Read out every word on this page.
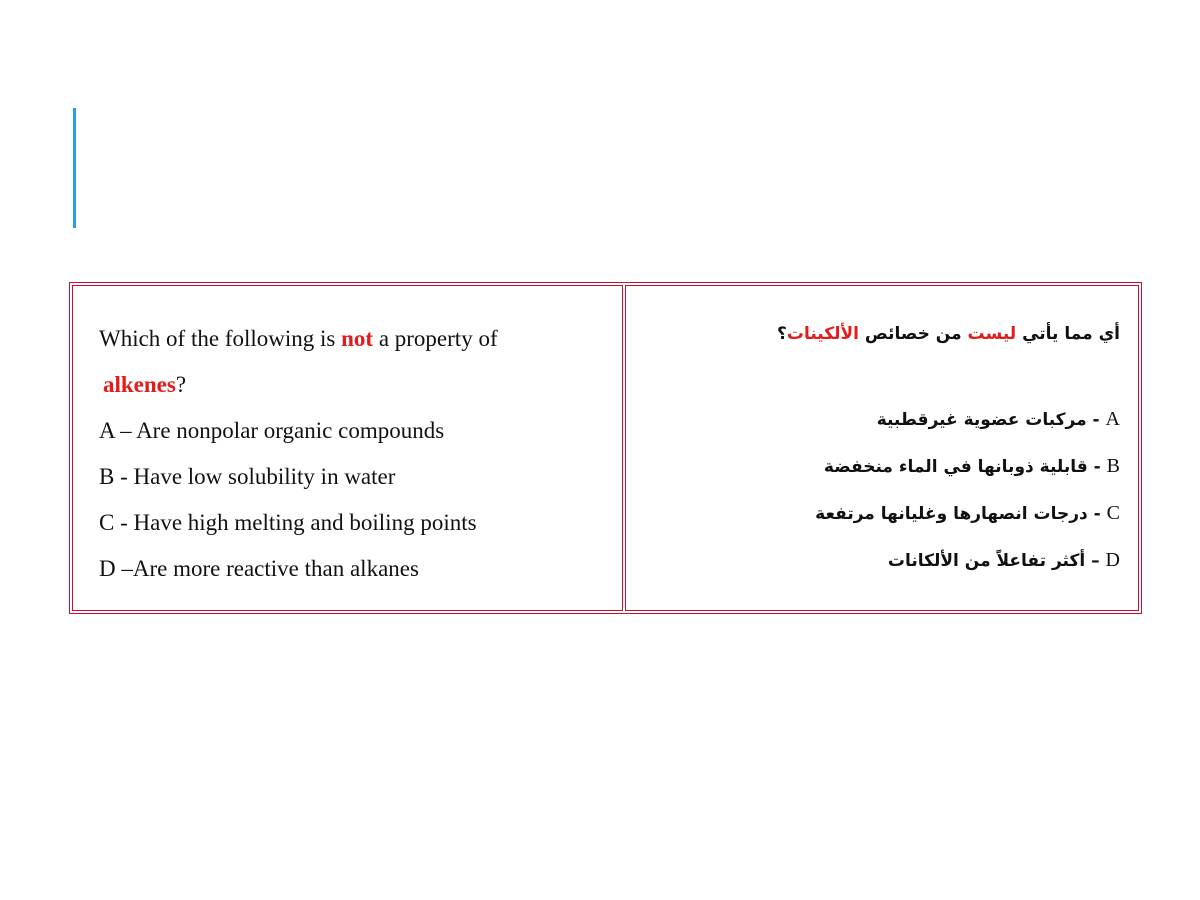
Which of the following is not a property of
alkenes?
A – Are nonpolar organic compounds
B - Have low solubility in water
C - Have high melting and boiling points
D –Are more reactive than alkanes
أي مما يأتي ليست من خصائص الألكينات؟
A - مركبات عضوية غيرقطبية
B - قابلية ذوبانها في الماء منخفضة
C - درجات انصهارها وغليانها مرتفعة
D – أكثر تفاعلاً من الألكانات
